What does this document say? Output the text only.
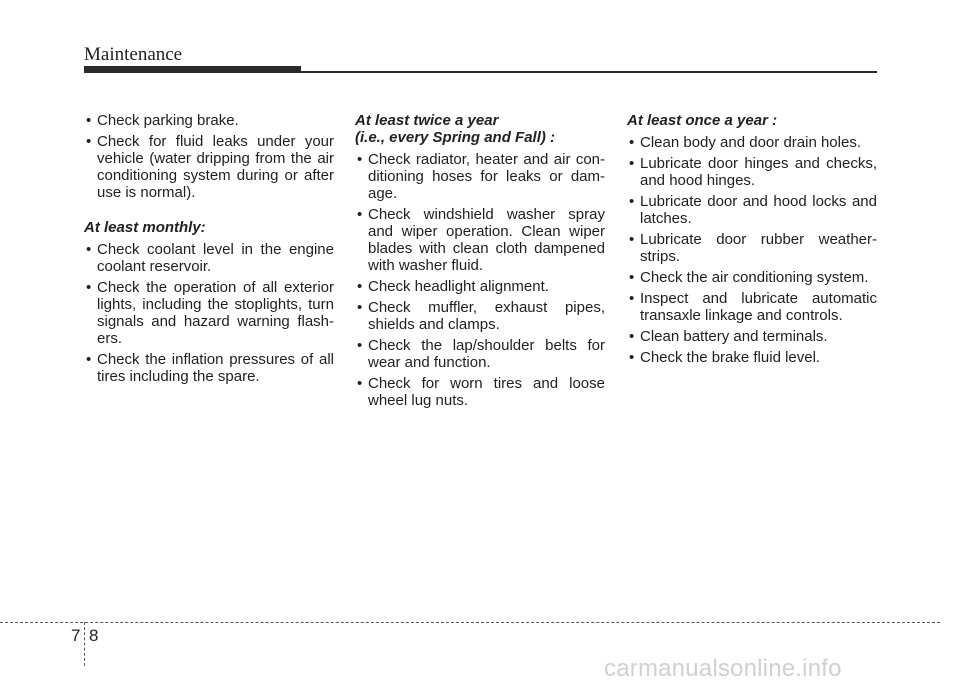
Maintenance
• Check parking brake.
• Check for fluid leaks under your vehicle (water dripping from the air conditioning system during or after use is normal).
At least monthly:
• Check coolant level in the engine coolant reservoir.
• Check the operation of all exterior lights, including the stoplights, turn signals and hazard warning flash-ers.
• Check the inflation pressures of all tires including the spare.
At least twice a year
(i.e., every Spring and Fall) :
• Check radiator, heater and air con-ditioning hoses for leaks or dam-age.
• Check windshield washer spray and wiper operation. Clean wiper blades with clean cloth dampened with washer fluid.
• Check headlight alignment.
• Check muffler, exhaust pipes, shields and clamps.
• Check the lap/shoulder belts for wear and function.
• Check for worn tires and loose wheel lug nuts.
At least once a year :
• Clean body and door drain holes.
• Lubricate door hinges and checks, and hood hinges.
• Lubricate door and hood locks and latches.
• Lubricate door rubber weather-strips.
• Check the air conditioning system.
• Inspect and lubricate automatic transaxle linkage and controls.
• Clean battery and terminals.
• Check the brake fluid level.
7 8
carmanualsonline.info
